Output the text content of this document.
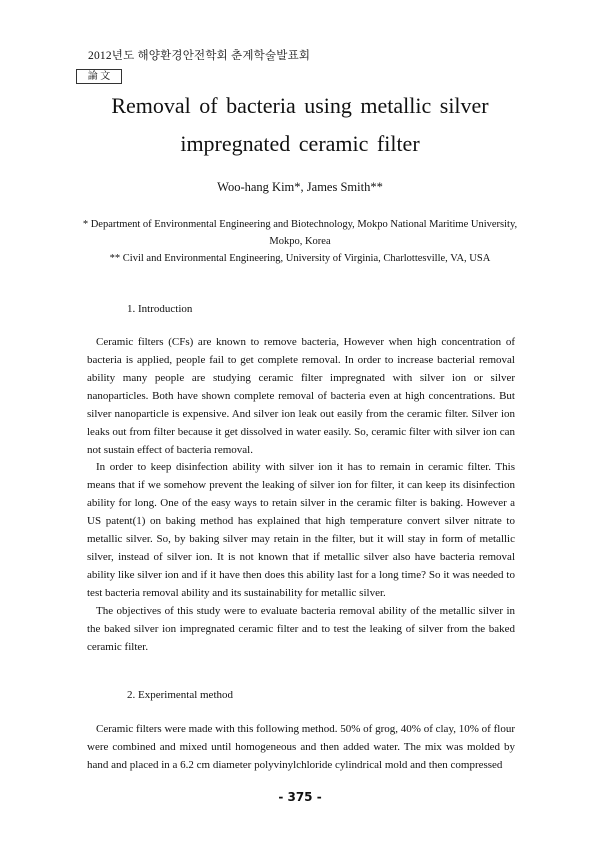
2012년도 해양환경안전학회 춘계학술발표회
論 文
Removal of bacteria using metallic silver
impregnated ceramic filter
Woo-hang Kim*, James Smith**
* Department of Environmental Engineering and Biotechnology, Mokpo National Maritime University,
Mokpo, Korea
** Civil and Environmental Engineering, University of Virginia, Charlottesville, VA, USA
1. Introduction
Ceramic filters (CFs) are known to remove bacteria, However when high concentration of bacteria is applied, people fail to get complete removal. In order to increase bacterial removal ability many people are studying ceramic filter impregnated with silver ion or silver nanoparticles. Both have shown complete removal of bacteria even at high concentrations. But silver nanoparticle is expensive. And silver ion leak out easily from the ceramic filter. Silver ion leaks out from filter because it get dissolved in water easily. So, ceramic filter with silver ion can not sustain effect of bacteria removal.
In order to keep disinfection ability with silver ion it has to remain in ceramic filter. This means that if we somehow prevent the leaking of silver ion for filter, it can keep its disinfection ability for long. One of the easy ways to retain silver in the ceramic filter is baking. However a US patent(1) on baking method has explained that high temperature convert silver nitrate to metallic silver. So, by baking silver may retain in the filter, but it will stay in form of metallic silver, instead of silver ion. It is not known that if metallic silver also have bacteria removal ability like silver ion and if it have then does this ability last for a long time? So it was needed to test bacteria removal ability and its sustainability for metallic silver.
The objectives of this study were to evaluate bacteria removal ability of the metallic silver in the baked silver ion impregnated ceramic filter and to test the leaking of silver from the baked ceramic filter.
2. Experimental method
Ceramic filters were made with this following method. 50% of grog, 40% of clay, 10% of flour were combined and mixed until homogeneous and then added water. The mix was molded by hand and placed in a 6.2 cm diameter polyvinylchloride cylindrical mold and then compressed
- 375 -
